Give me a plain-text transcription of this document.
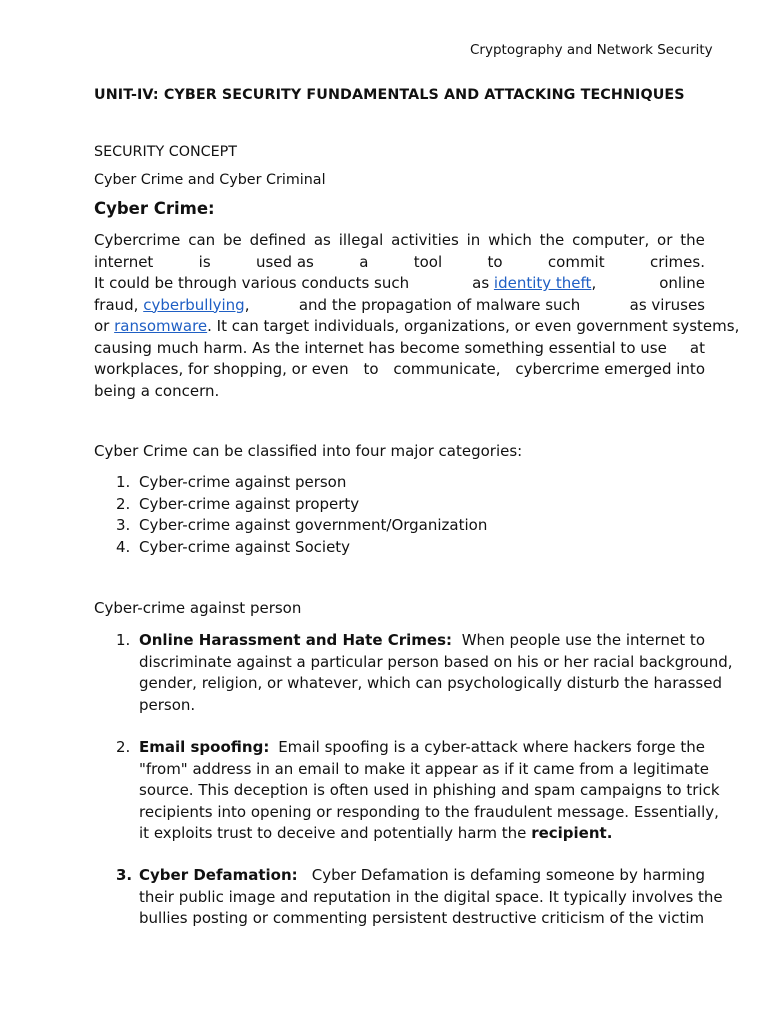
Cryptography and Network Security
UNIT-IV: CYBER SECURITY FUNDAMENTALS AND ATTACKING TECHNIQUES
SECURITY CONCEPT
Cyber Crime and Cyber Criminal
Cyber Crime:
Cybercrime can be defined as illegal activities in which the computer, or the
internet	is	used as	a	tool	to	commit	crimes.
It could be through various conducts such	as identity theft,	online
fraud, cyberbullying,	and the propagation of malware such	as viruses
or ransomware. It can target individuals, organizations, or even government systems,
causing much harm. As the internet has become something essential to use at
workplaces, for shopping, or even to communicate, cybercrime emerged into
being a concern.
Cyber Crime can be classified into four major categories:
1. Cyber-crime against person
2. Cyber-crime against property
3. Cyber-crime against government/Organization
4. Cyber-crime against Society
Cyber-crime against person
1. Online Harassment and Hate Crimes: When people use the internet to
discriminate against a particular person based on his or her racial background,
gender, religion, or whatever, which can psychologically disturb the harassed
person.
2. Email spoofing: Email spoofing is a cyber-attack where hackers forge the
"from" address in an email to make it appear as if it came from a legitimate
source. This deception is often used in phishing and spam campaigns to trick
recipients into opening or responding to the fraudulent message. Essentially,
it exploits trust to deceive and potentially harm the
recipient.
3. Cyber Defamation: Cyber Defamation is defaming someone by harming
their public image and reputation in the digital space. It typically involves the
bullies posting or commenting persistent destructive criticism of the victim
